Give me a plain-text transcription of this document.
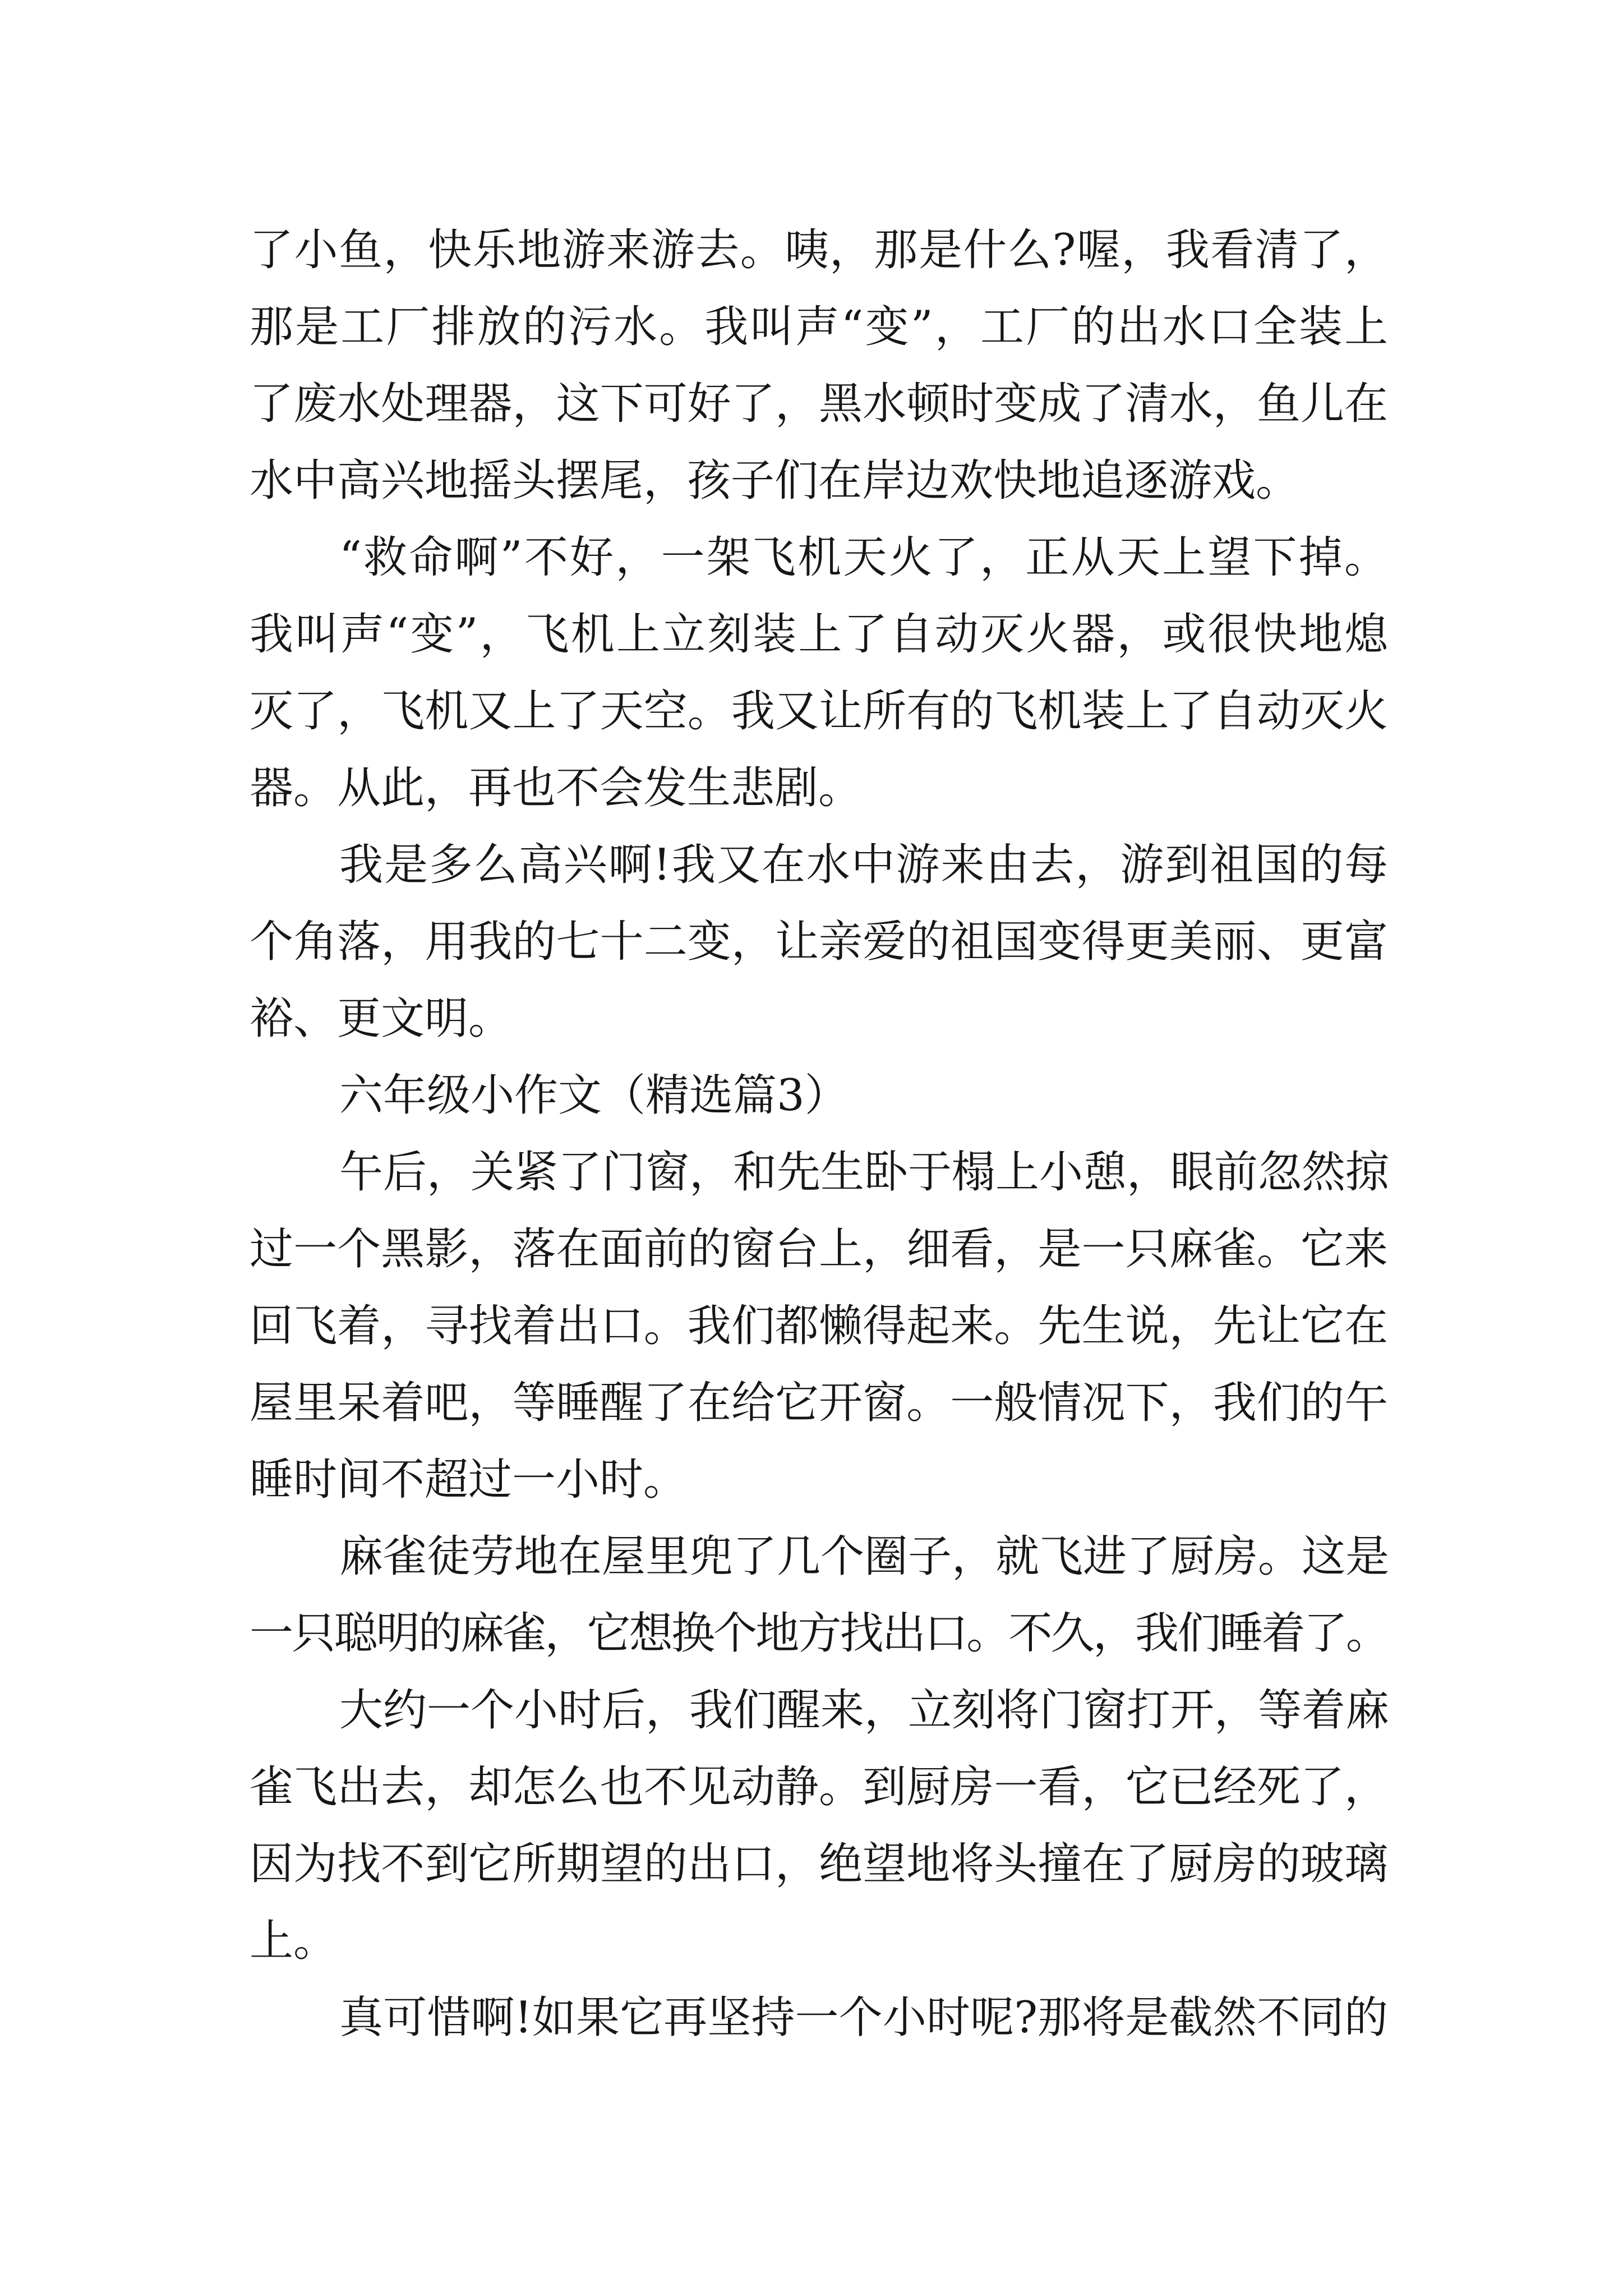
了小鱼，快乐地游来游去。咦，那是什么?喔，我看清了，
那是工厂排放的污水。我叫声“变”，工厂的出水口全装上
了废水处理器，这下可好了，黑水顿时变成了清水，鱼儿在
水中高兴地摇头摆尾，孩子们在岸边欢快地追逐游戏。
“救命啊”不好，一架飞机天火了，正从天上望下掉。
我叫声“变”，飞机上立刻装上了自动灭火器，或很快地熄
灭了，飞机又上了天空。我又让所有的飞机装上了自动灭火
器。从此，再也不会发生悲剧。
我是多么高兴啊!我又在水中游来由去，游到祖国的每
个角落，用我的七十二变，让亲爱的祖国变得更美丽、更富
裕、更文明。
六年级小作文（精选篇3）
午后，关紧了门窗，和先生卧于榻上小憩，眼前忽然掠
过一个黑影，落在面前的窗台上，细看，是一只麻雀。它来
回飞着，寻找着出口。我们都懒得起来。先生说，先让它在
屋里呆着吧，等睡醒了在给它开窗。一般情况下，我们的午
睡时间不超过一小时。
麻雀徒劳地在屋里兜了几个圈子，就飞进了厨房。这是
一只聪明的麻雀，它想换个地方找出口。不久，我们睡着了。
大约一个小时后，我们醒来，立刻将门窗打开，等着麻
雀飞出去，却怎么也不见动静。到厨房一看，它已经死了，
因为找不到它所期望的出口，绝望地将头撞在了厨房的玻璃
上。
真可惜啊!如果它再坚持一个小时呢?那将是截然不同的
